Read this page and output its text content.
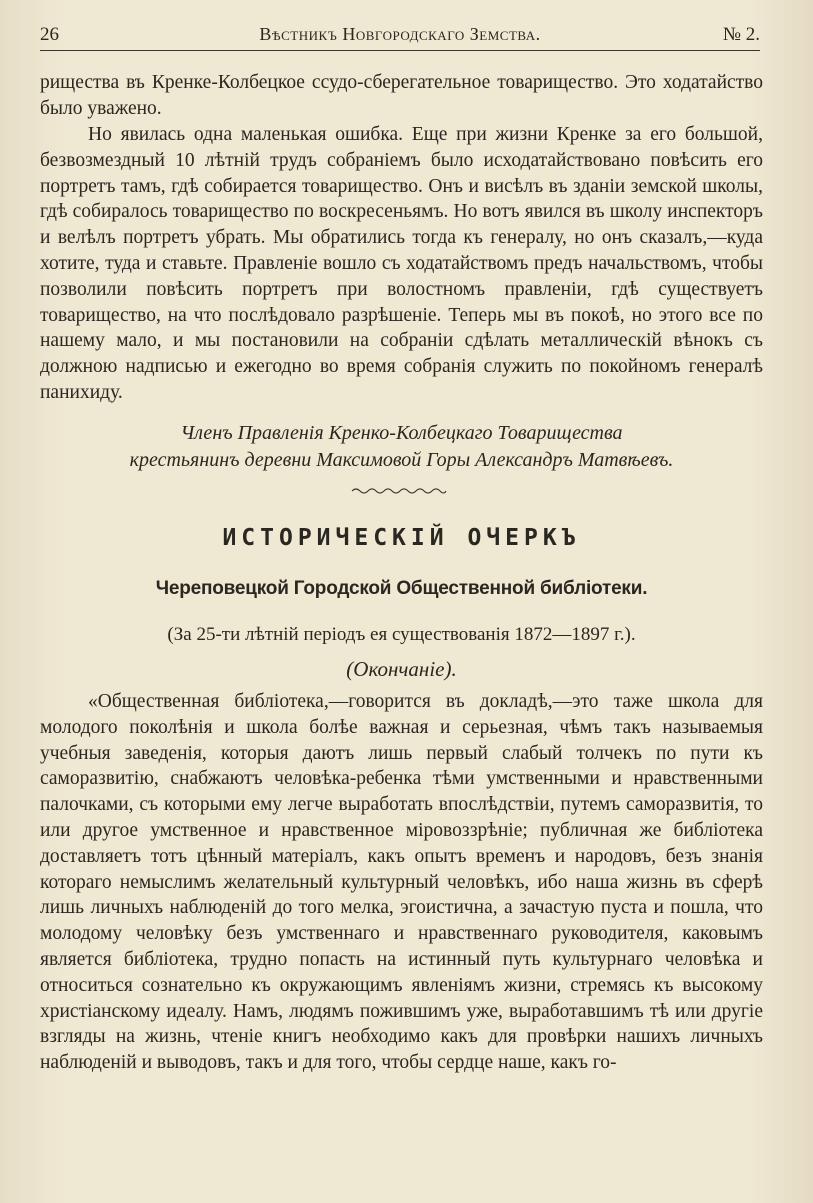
26	Вѣстникъ Новгородскаго Земства.	№ 2.

рищества въ Кренке-Колбецкое ссудо-сберегательное товарищество. Это ходатайство было уважено.

Но явилась одна маленькая ошибка. Еще при жизни Кренке за его большой, безвозмездный 10 лѣтній трудъ собраніемъ было исходатайствовано повѣсить его портретъ тамъ, гдѣ собирается товарищество. Онъ и висѣлъ въ зданіи земской школы, гдѣ собиралось товарищество по воскресеньямъ. Но вотъ явился въ школу инспекторъ и велѣлъ портретъ убрать. Мы обратились тогда къ генералу, но онъ сказалъ,—куда хотите, туда и ставьте. Правленіе вошло съ ходатайствомъ предъ начальствомъ, чтобы позволили повѣсить портретъ при волостномъ правленіи, гдѣ существуетъ товарищество, на что послѣдовало разрѣшеніе. Теперь мы въ покоѣ, но этого все по нашему мало, и мы постановили на собраніи сдѣлать металлическій вѣнокъ съ должною надписью и ежегодно во время собранія служить по покойномъ генералѣ панихиду.

Членъ Правленія Кренко-Колбецкаго Товарищества

крестьянинъ деревни Максимовой Горы Александръ Матвѣевъ.

ИСТОРИЧЕСКІЙ ОЧЕРКЪ
Череповецкой Городской Общественной библіотеки.

(За 25-ти лѣтній періодъ ея существованія 1872—1897 г.).

(Окончаніе).

«Общественная библіотека,—говорится въ докладѣ,—это таже школа для молодого поколѣнія и школа болѣе важная и серьезная, чѣмъ такъ называемыя учебныя заведенія, которыя даютъ лишь первый слабый толчекъ по пути къ саморазвитію, снабжаютъ человѣка-ребенка тѣми умственными и нравственными палочками, съ которыми ему легче выработать впослѣдствіи, путемъ саморазвитія, то или другое умственное и нравственное міровоззрѣніе; публичная же библіотека доставляетъ тотъ цѣнный матеріалъ, какъ опытъ временъ и народовъ, безъ знанія котораго немыслимъ желательный культурный человѣкъ, ибо наша жизнь въ сферѣ лишь личныхъ наблюденій до того мелка, эгоистична, а зачастую пуста и пошла, что молодому человѣку безъ умственнаго и нравственнаго руководителя, каковымъ является библіотека, трудно попасть на истинный путь культурнаго человѣка и относиться сознательно къ окружающимъ явленіямъ жизни, стремясь къ высокому христіанскому идеалу. Намъ, людямъ пожившимъ уже, выработавшимъ тѣ или другіе взгляды на жизнь, чтеніе книгъ необходимо какъ для провѣрки нашихъ личныхъ наблюденій и выводовъ, такъ и для того, чтобы сердце наше, какъ го-
